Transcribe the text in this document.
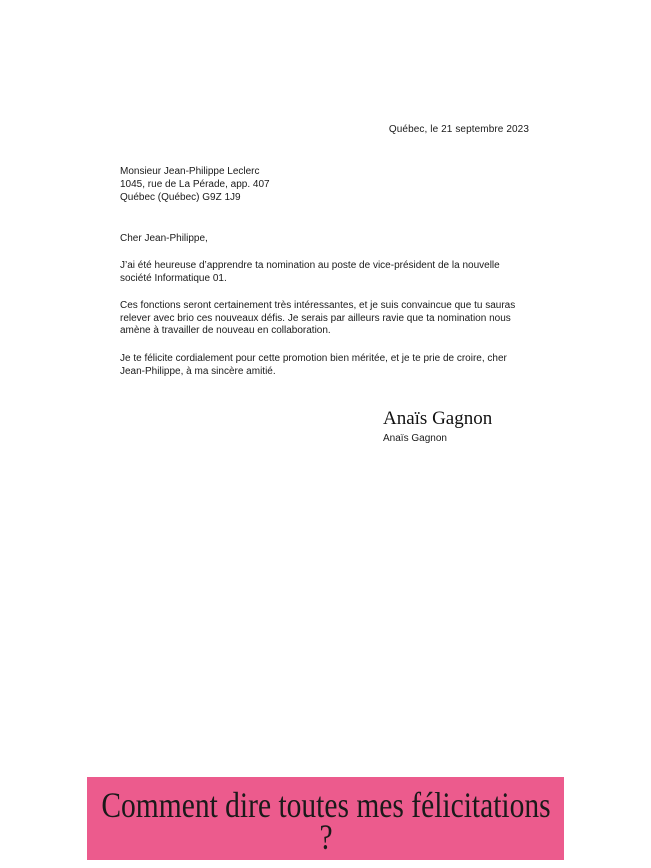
Québec, le 21 septembre 2023
Monsieur Jean-Philippe Leclerc
1045, rue de La Pérade, app. 407
Québec (Québec) G9Z 1J9
Cher Jean-Philippe,
J’ai été heureuse d’apprendre ta nomination au poste de vice-président de la nouvelle société Informatique 01.
Ces fonctions seront certainement très intéressantes, et je suis convaincue que tu sauras relever avec brio ces nouveaux défis. Je serais par ailleurs ravie que ta nomination nous amène à travailler de nouveau en collaboration.
Je te félicite cordialement pour cette promotion bien méritée, et je te prie de croire, cher Jean-Philippe, à ma sincère amitié.
Anaïs Gagnon
Anaïs Gagnon
Comment dire toutes mes félicitations ?
